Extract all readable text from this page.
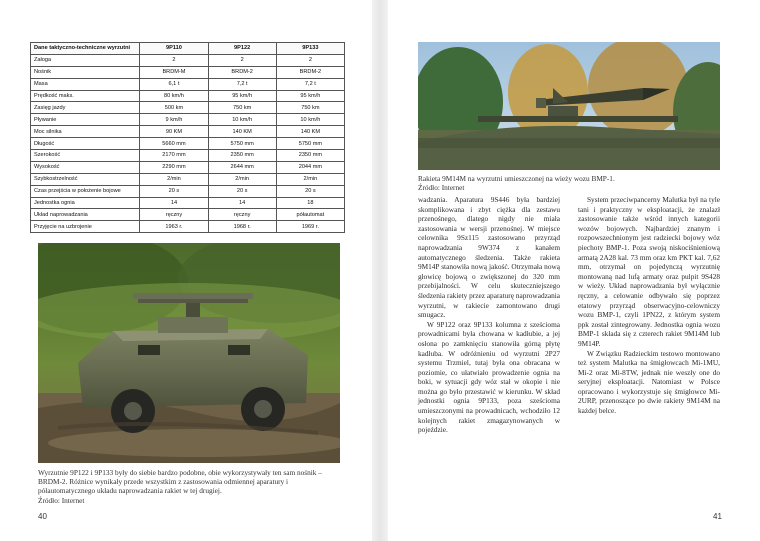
Dane taktyczno-techniczne wyrzutni	9P110	9P122	9P133
Załoga	2	2	2
Nośnik	BRDM-M	BRDM-2	BRDM-2
Masa	6,1 t	7,2 t	7,2 t
Prędkość maks.	80 km/h	95 km/h	95 km/h
Zasięg jazdy	500 km	750 km	750 km
Pływanie	9 km/h	10 km/h	10 km/h
Moc silnika	90 KM	140 KM	140 KM
Długość	5660 mm	5750 mm	5750 mm
Szerokość	2170 mm	2350 mm	2350 mm
Wysokość	2290 mm	2644 mm	2044 mm
Szybkostrzelność	2/min	2/min	2/min
Czas przejścia w położenie bojowe	20 s	20 s	20 s
Jednostka ognia	14	14	18
Układ naprowadzania	ręczny	ręczny	półautomat
Przyjęcie na uzbrojenie	1963 r.	1968 r.	1969 r.
Wyrzutnie 9P122 i 9P133 były do siebie bardzo podobne, obie wykorzystywały ten sam nośnik – BRDM-2. Różnice wynikały przede wszystkim z zastosowania odmiennej aparatury i półautomatycznego układu naprowadzania rakiet w tej drugiej.
Źródło: Internet
40
Rakieta 9M14M na wyrzutni umieszczonej na wieży wozu BMP-1.
Źródło: Internet

wadzania. Aparatura 9S446 była bardziej skomplikowana i zbyt ciężka dla zestawu przenośnego, dlatego nigdy nie miała zastosowania w wersji przenośnej. W miejsce celownika 9Sz115 zastosowano przyrząd naprowadzania 9W374 z kanałem automatycznego śledzenia. Także rakieta 9M14P stanowiła nową jakość. Otrzymała nową głowicę bojową o zwiększonej do 320 mm przebijalności. W celu skuteczniejszego śledzenia rakiety przez aparaturę naprowadzania wyrzutni, w rakiecie zamontowano drugi smugacz.

W 9P122 oraz 9P133 kolumna z sześcioma prowadnicami była chowana w kadłubie, a jej osłona po zamknięciu stanowiła górną płytę kadłuba. W odróżnieniu od wyrzutni 2P27 systemu Trzmiel, tutaj była ona obracana w poziomie, co ułatwiało prowadzenie ognia na boki, w sytuacji gdy wóz stał w okopie i nie można go było przestawić w kierunku. W skład jednostki ognia 9P133, poza sześcioma umieszczonymi na prowadnicach, wchodziło 12 kolejnych rakiet zmagazynowanych w pojeździe.

System przeciwpancerny Malutka był na tyle tani i praktyczny w eksploatacji, że znalazł zastosowanie także wśród innych kategorii wozów bojowych. Najbardziej znanym i rozpowszechnionym jest radziecki bojowy wóz piechoty BMP-1. Poza swoją niskociśnieniową armatą 2A28 kal. 73 mm oraz km PKT kal. 7,62 mm, otrzymał on pojedynczą wyrzutnię montowaną nad lufą armaty oraz pulpit 9S428 w wieży. Układ naprowadzania był wyłącznie ręczny, a celowanie odbywało się poprzez etatowy przyrząd obserwacyjno-celowniczy wozu BMP-1, czyli 1PN22, z którym system ppk został zintegrowany. Jednostka ognia wozu BMP-1 składa się z czterech rakiet 9M14M lub 9M14P.

W Związku Radzieckim testowo montowano też system Malutka na śmigłowcach Mi-1MU, Mi-2 oraz Mi-8TW, jednak nie weszły one do seryjnej eksploatacji. Natomiast w Polsce opracowano i wykorzystuje się śmigłowce Mi-2URP, przenoszące po dwie rakiety 9M14M na każdej belce.

41
